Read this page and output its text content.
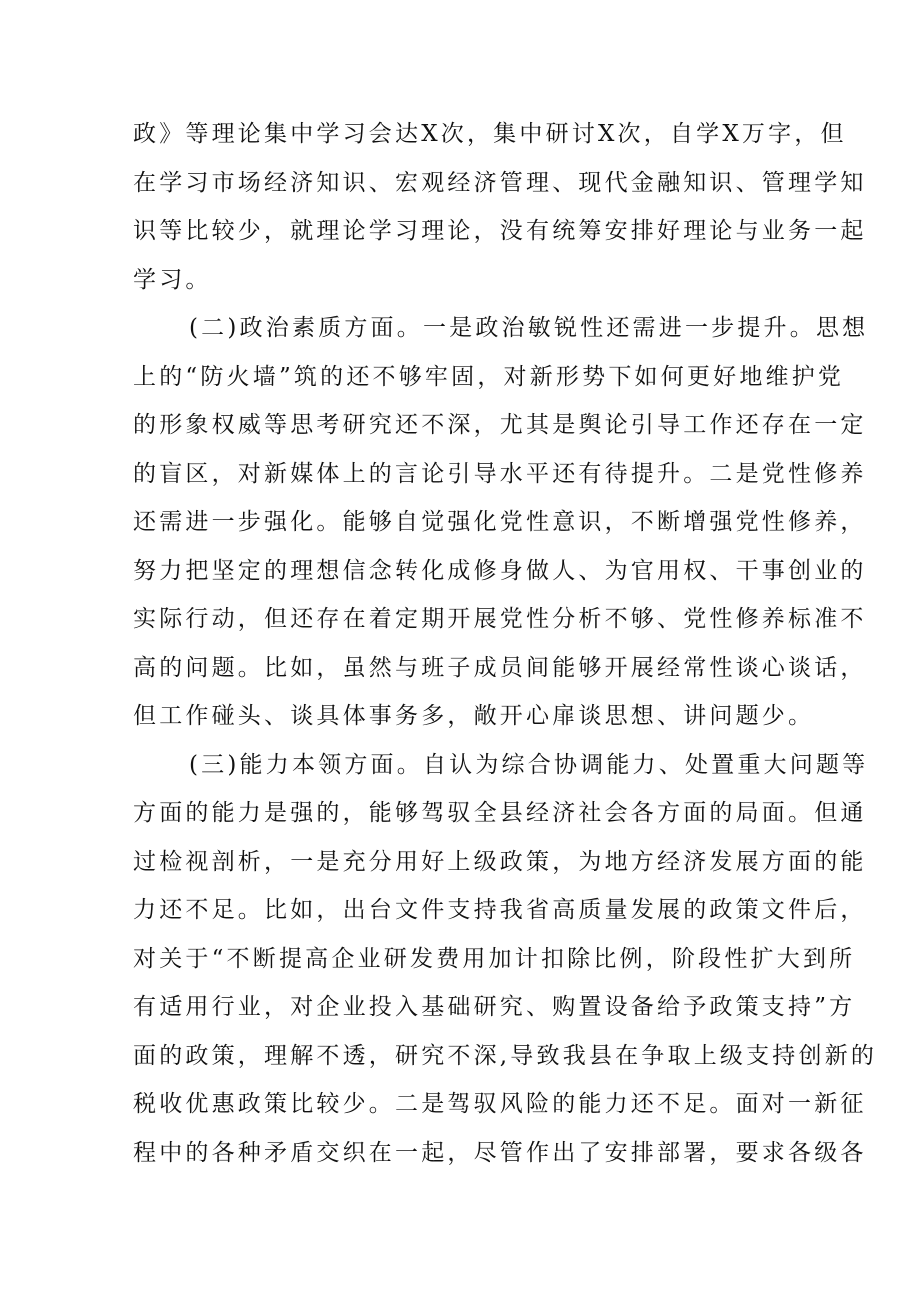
政》等理论集中学习会达X次，集中研讨X次，自学X万字，但
在学习市场经济知识、宏观经济管理、现代金融知识、管理学知
识等比较少，就理论学习理论，没有统筹安排好理论与业务一起
学习。
(二)政治素质方面。一是政治敏锐性还需进一步提升。思想
上的“防火墙”筑的还不够牢固，对新形势下如何更好地维护党
的形象权威等思考研究还不深，尤其是舆论引导工作还存在一定
的盲区，对新媒体上的言论引导水平还有待提升。二是党性修养
还需进一步强化。能够自觉强化党性意识，不断增强党性修养，
努力把坚定的理想信念转化成修身做人、为官用权、干事创业的
实际行动，但还存在着定期开展党性分析不够、党性修养标准不
高的问题。比如，虽然与班子成员间能够开展经常性谈心谈话，
但工作碰头、谈具体事务多，敞开心扉谈思想、讲问题少。
(三)能力本领方面。自认为综合协调能力、处置重大问题等
方面的能力是强的，能够驾驭全县经济社会各方面的局面。但通
过检视剖析，一是充分用好上级政策，为地方经济发展方面的能
力还不足。比如，出台文件支持我省高质量发展的政策文件后，
对关于“不断提高企业研发费用加计扣除比例，阶段性扩大到所
有适用行业，对企业投入基础研究、购置设备给予政策支持”方
面的政策，理解不透，研究不深,导致我县在争取上级支持创新的
税收优惠政策比较少。二是驾驭风险的能力还不足。面对一新征
程中的各种矛盾交织在一起，尽管作出了安排部署，要求各级各
